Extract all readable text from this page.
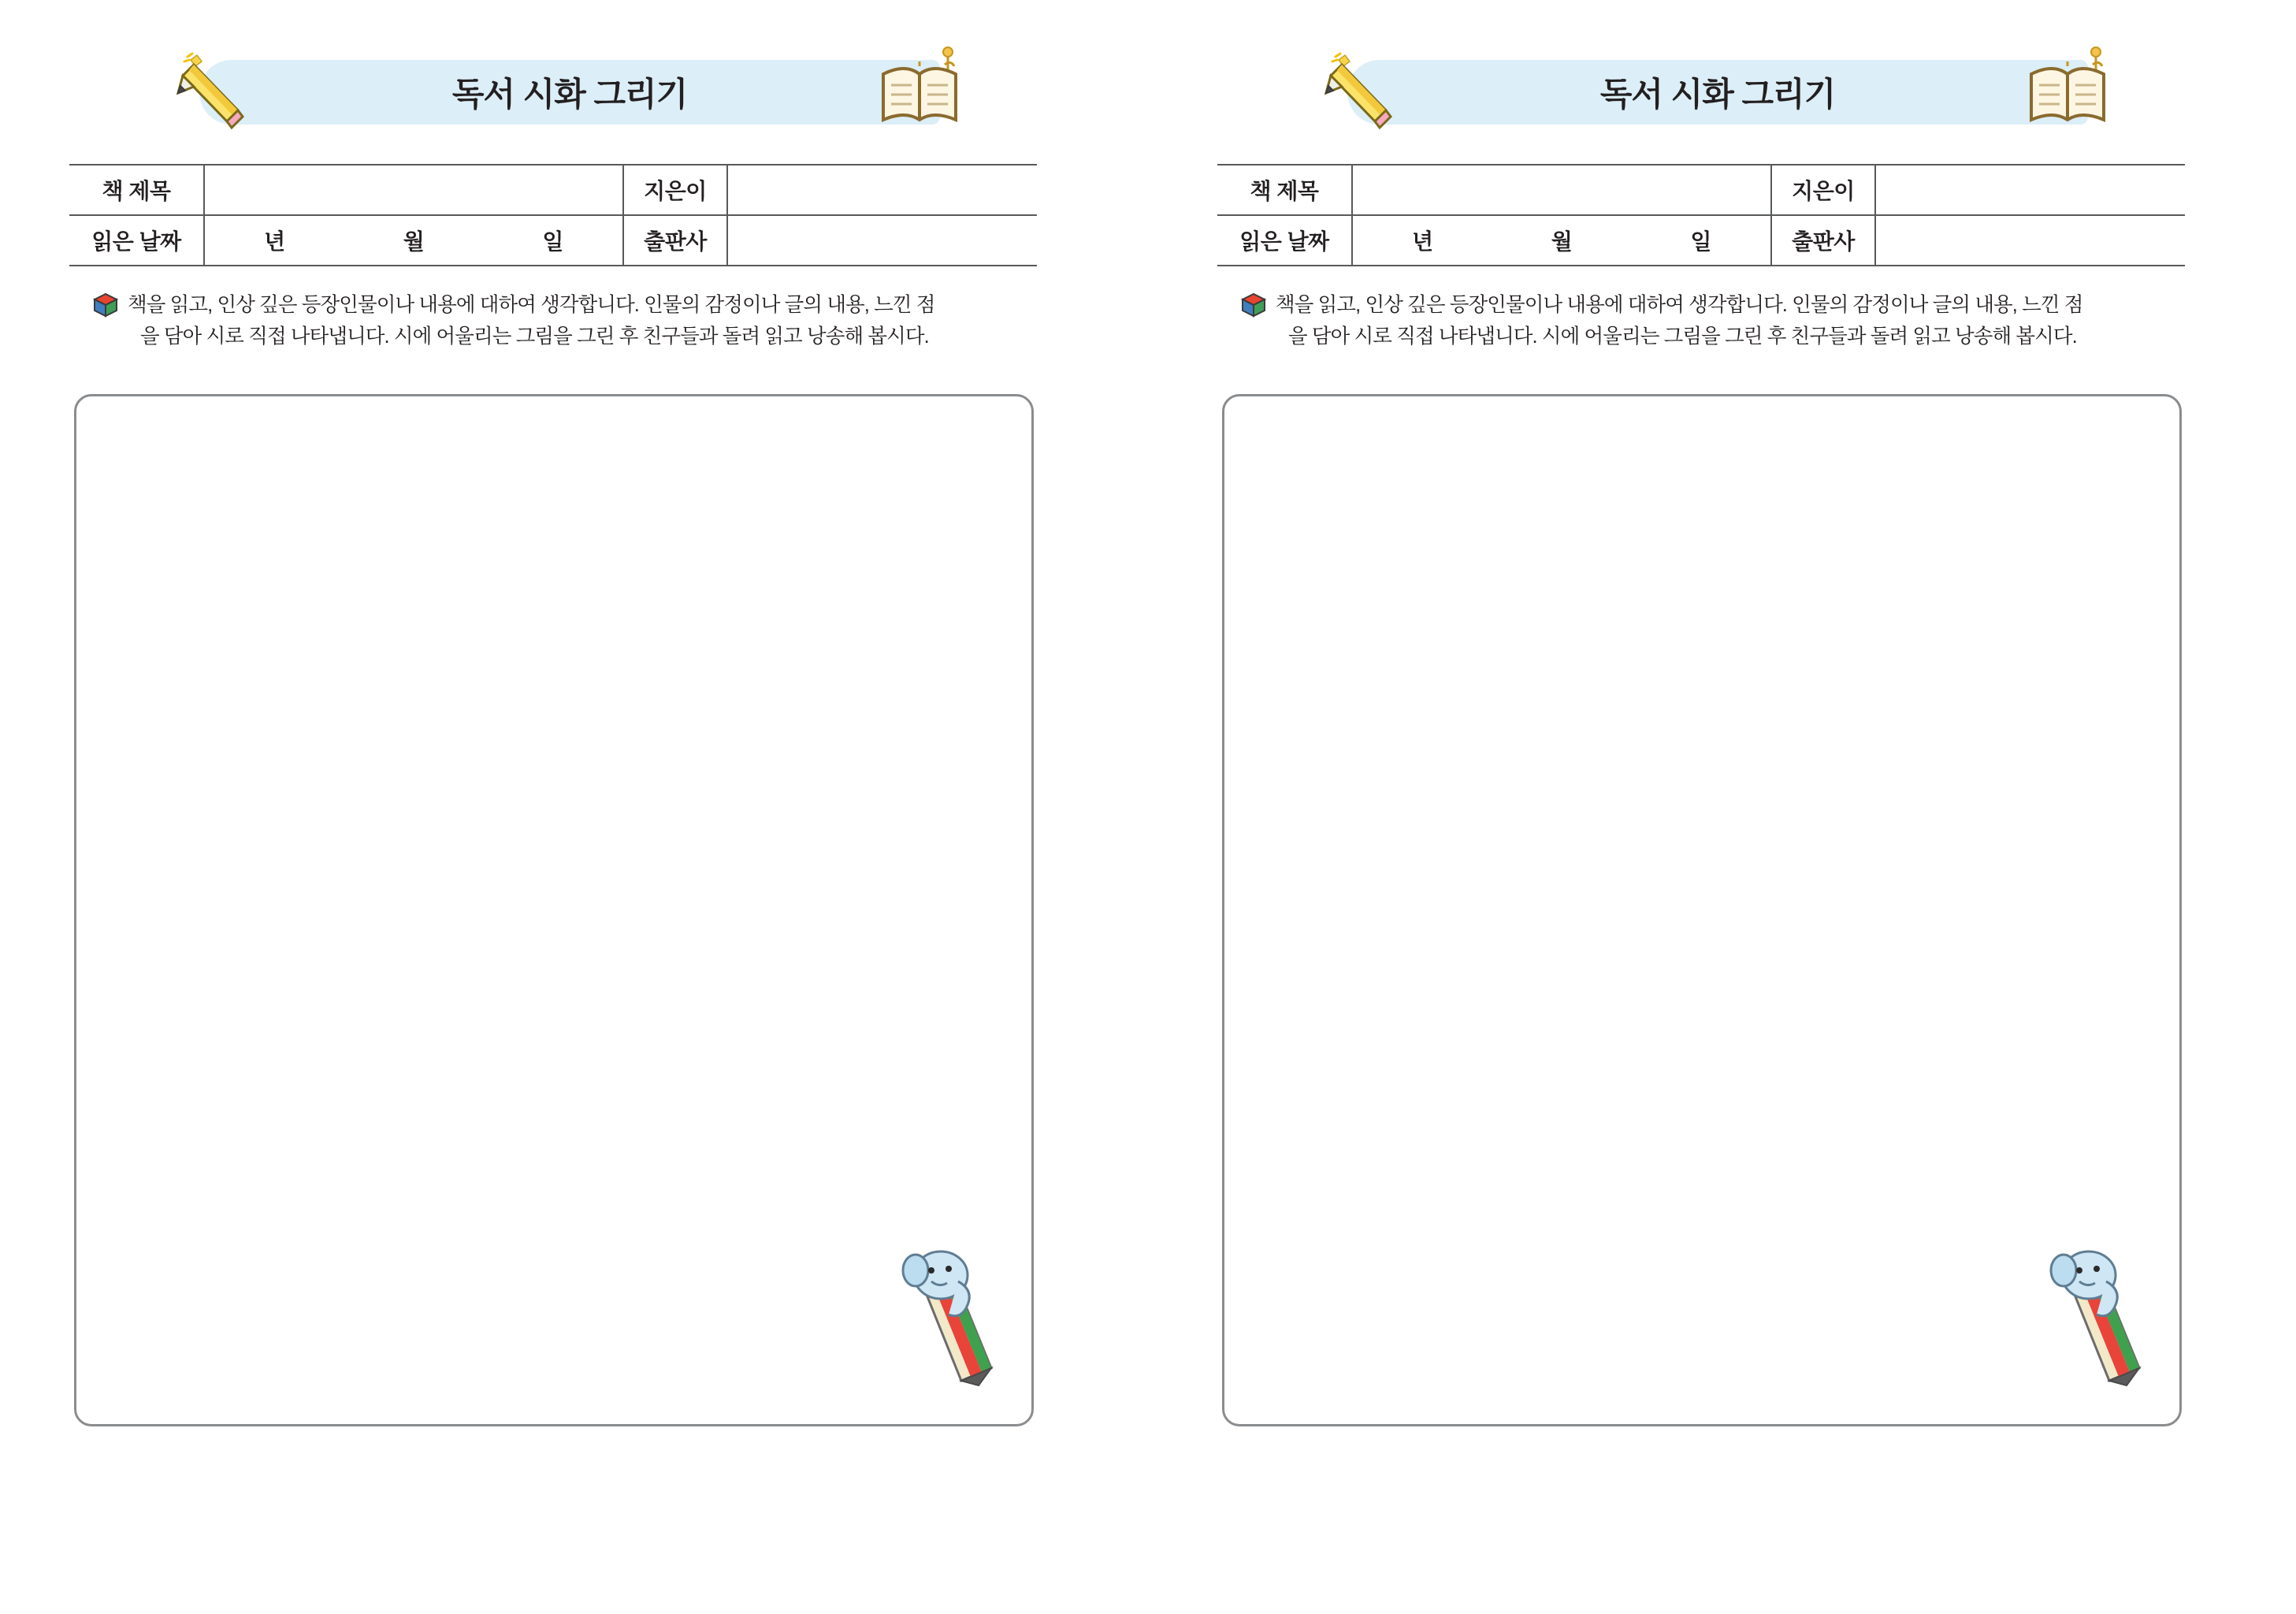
독서 시화 그리기
책 제목		지은이	
읽은 날짜	년 월 일	출판사	
책을 읽고, 인상 깊은 등장인물이나 내용에 대하여 생각합니다. 인물의 감정이나 글의 내용, 느낀 점
을 담아 시로 직접 나타냅니다. 시에 어울리는 그림을 그린 후 친구들과 돌려 읽고 낭송해 봅시다.
독서 시화 그리기
책 제목		지은이	
읽은 날짜	년 월 일	출판사	
책을 읽고, 인상 깊은 등장인물이나 내용에 대하여 생각합니다. 인물의 감정이나 글의 내용, 느낀 점
을 담아 시로 직접 나타냅니다. 시에 어울리는 그림을 그린 후 친구들과 돌려 읽고 낭송해 봅시다.
